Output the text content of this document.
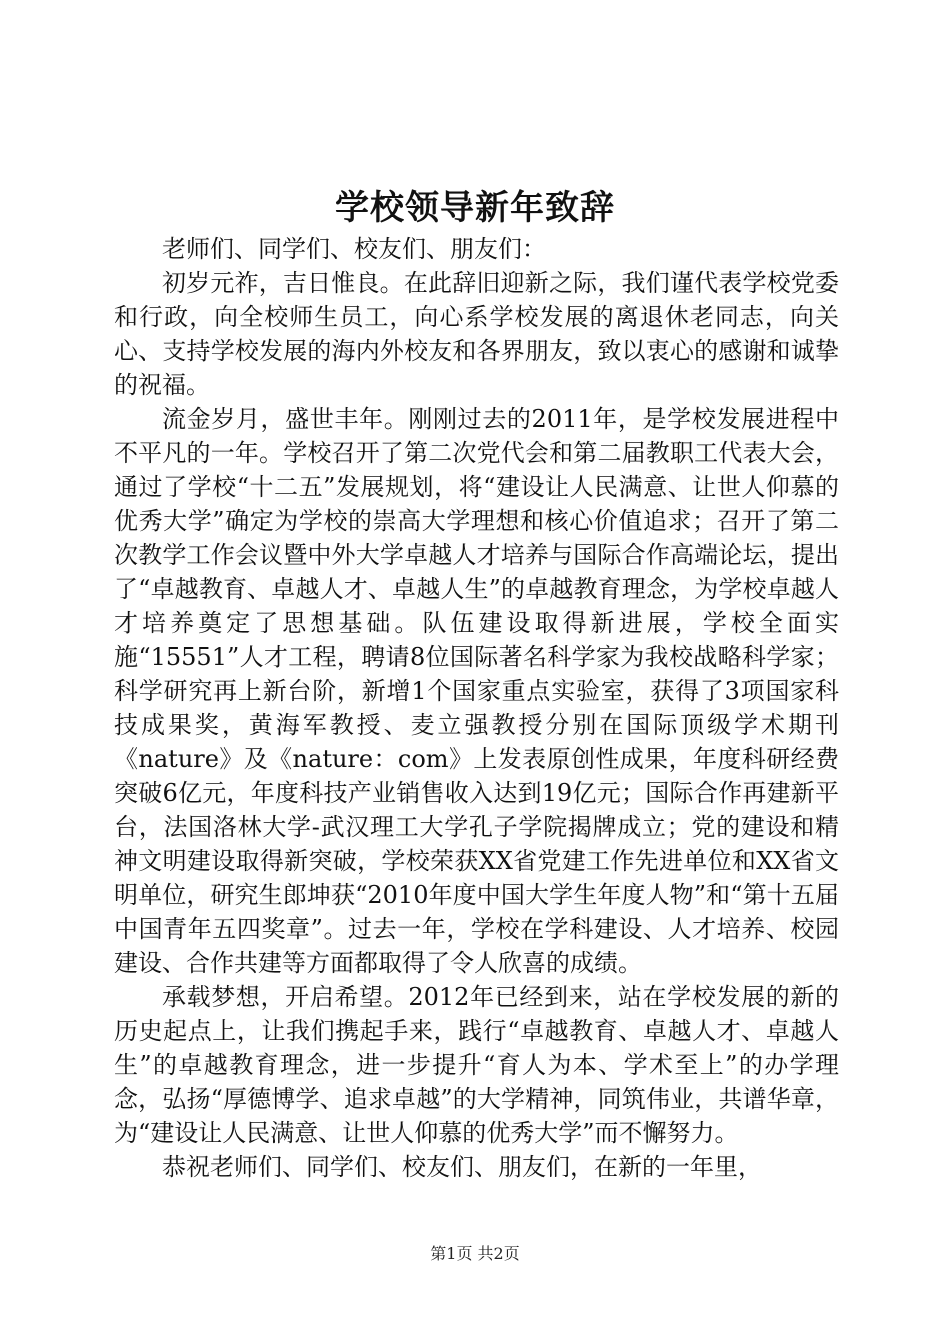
学校领导新年致辞

老师们、同学们、校友们、朋友们：

初岁元祚，吉日惟良。在此辞旧迎新之际，我们谨代表学校党委和行政，向全校师生员工，向心系学校发展的离退休老同志，向关心、支持学校发展的海内外校友和各界朋友，致以衷心的感谢和诚挚的祝福。

流金岁月，盛世丰年。刚刚过去的2011年，是学校发展进程中不平凡的一年。学校召开了第二次党代会和第二届教职工代表大会，通过了学校“十二五”发展规划，将“建设让人民满意、让世人仰慕的优秀大学”确定为学校的崇高大学理想和核心价值追求；召开了第二次教学工作会议暨中外大学卓越人才培养与国际合作高端论坛，提出了“卓越教育、卓越人才、卓越人生”的卓越教育理念，为学校卓越人才培养奠定了思想基础。队伍建设取得新进展，学校全面实施“15551”人才工程，聘请8位国际著名科学家为我校战略科学家；科学研究再上新台阶，新增1个国家重点实验室，获得了3项国家科技成果奖，黄海军教授、麦立强教授分别在国际顶级学术期刊《nature》及《nature：com》上发表原创性成果，年度科研经费突破6亿元，年度科技产业销售收入达到19亿元；国际合作再建新平台，法国洛林大学-武汉理工大学孔子学院揭牌成立；党的建设和精神文明建设取得新突破，学校荣获XX省党建工作先进单位和XX省文明单位，研究生郎坤获“2010年度中国大学生年度人物”和“第十五届中国青年五四奖章”。过去一年，学校在学科建设、人才培养、校园建设、合作共建等方面都取得了令人欣喜的成绩。

承载梦想，开启希望。2012年已经到来，站在学校发展的新的历史起点上，让我们携起手来，践行“卓越教育、卓越人才、卓越人生”的卓越教育理念，进一步提升“育人为本、学术至上”的办学理念，弘扬“厚德博学、追求卓越”的大学精神，同筑伟业，共谱华章，为“建设让人民满意、让世人仰慕的优秀大学”而不懈努力。

恭祝老师们、同学们、校友们、朋友们，在新的一年里，

第1页 共2页
